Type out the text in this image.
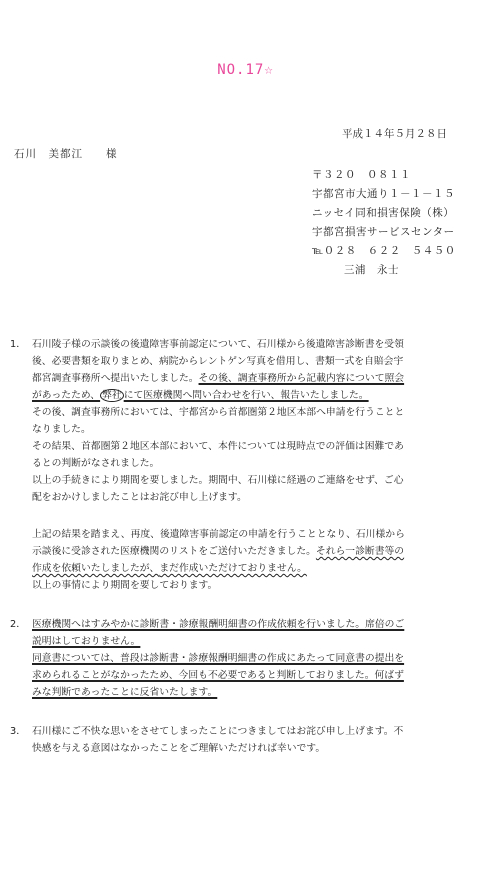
NO.17☆
平成１４年５月２８日
石川　美都江　　様
〒３２０　０８１１
宇都宮市大通り１－１－１５
ニッセイ同和損害保険（株）
宇都宮損害サービスセンター
℡０２８　６２２　５４５０
三浦　永士
1． 石川陵子様の示談後の後遺障害事前認定について、石川様から後遺障害診断書を受領
後、必要書類を取りまとめ、病院からレントゲン写真を借用し、書類一式を自賠会宇
都宮調査事務所へ提出いたしました。その後、調査事務所から記載内容について照会
があったため、 弊社 にて医療機関へ問い合わせを行い、報告いたしました。
その後、調査事務所においては、宇都宮から首都圏第２地区本部へ申請を行うことと
なりました。
その結果、首都圏第２地区本部において、本件については現時点での評価は困難であ
るとの判断がなされました。
以上の手続きにより期間を要しました。期間中、石川様に経過のご連絡をせず、ご心
配をおかけしましたことはお詫び申し上げます。
上記の結果を踏まえ、再度、後遺障害事前認定の申請を行うこととなり、石川様から
示談後に受診された医療機関のリストをご送付いただきました。それら一診断書等の
作成を依頼いたしましたが、まだ作成いただけておりません。
以上の事情により期間を要しております。
2． 医療機関へはすみやかに診断書・診療報酬明細書の作成依頼を行いました。席倍のご
説明はしておりません。
同意書については、普段は診断書・診療報酬明細書の作成にあたって同意書の提出を
求められることがなかったため、今回も不必要であると判断しておりました。何ばず
みな判断であったことに反省いたします。
3． 石川様にご不快な思いをさせてしまったことにつきましてはお詫び申し上げます。不
快感を与える意図はなかったことをご理解いただければ幸いです。
